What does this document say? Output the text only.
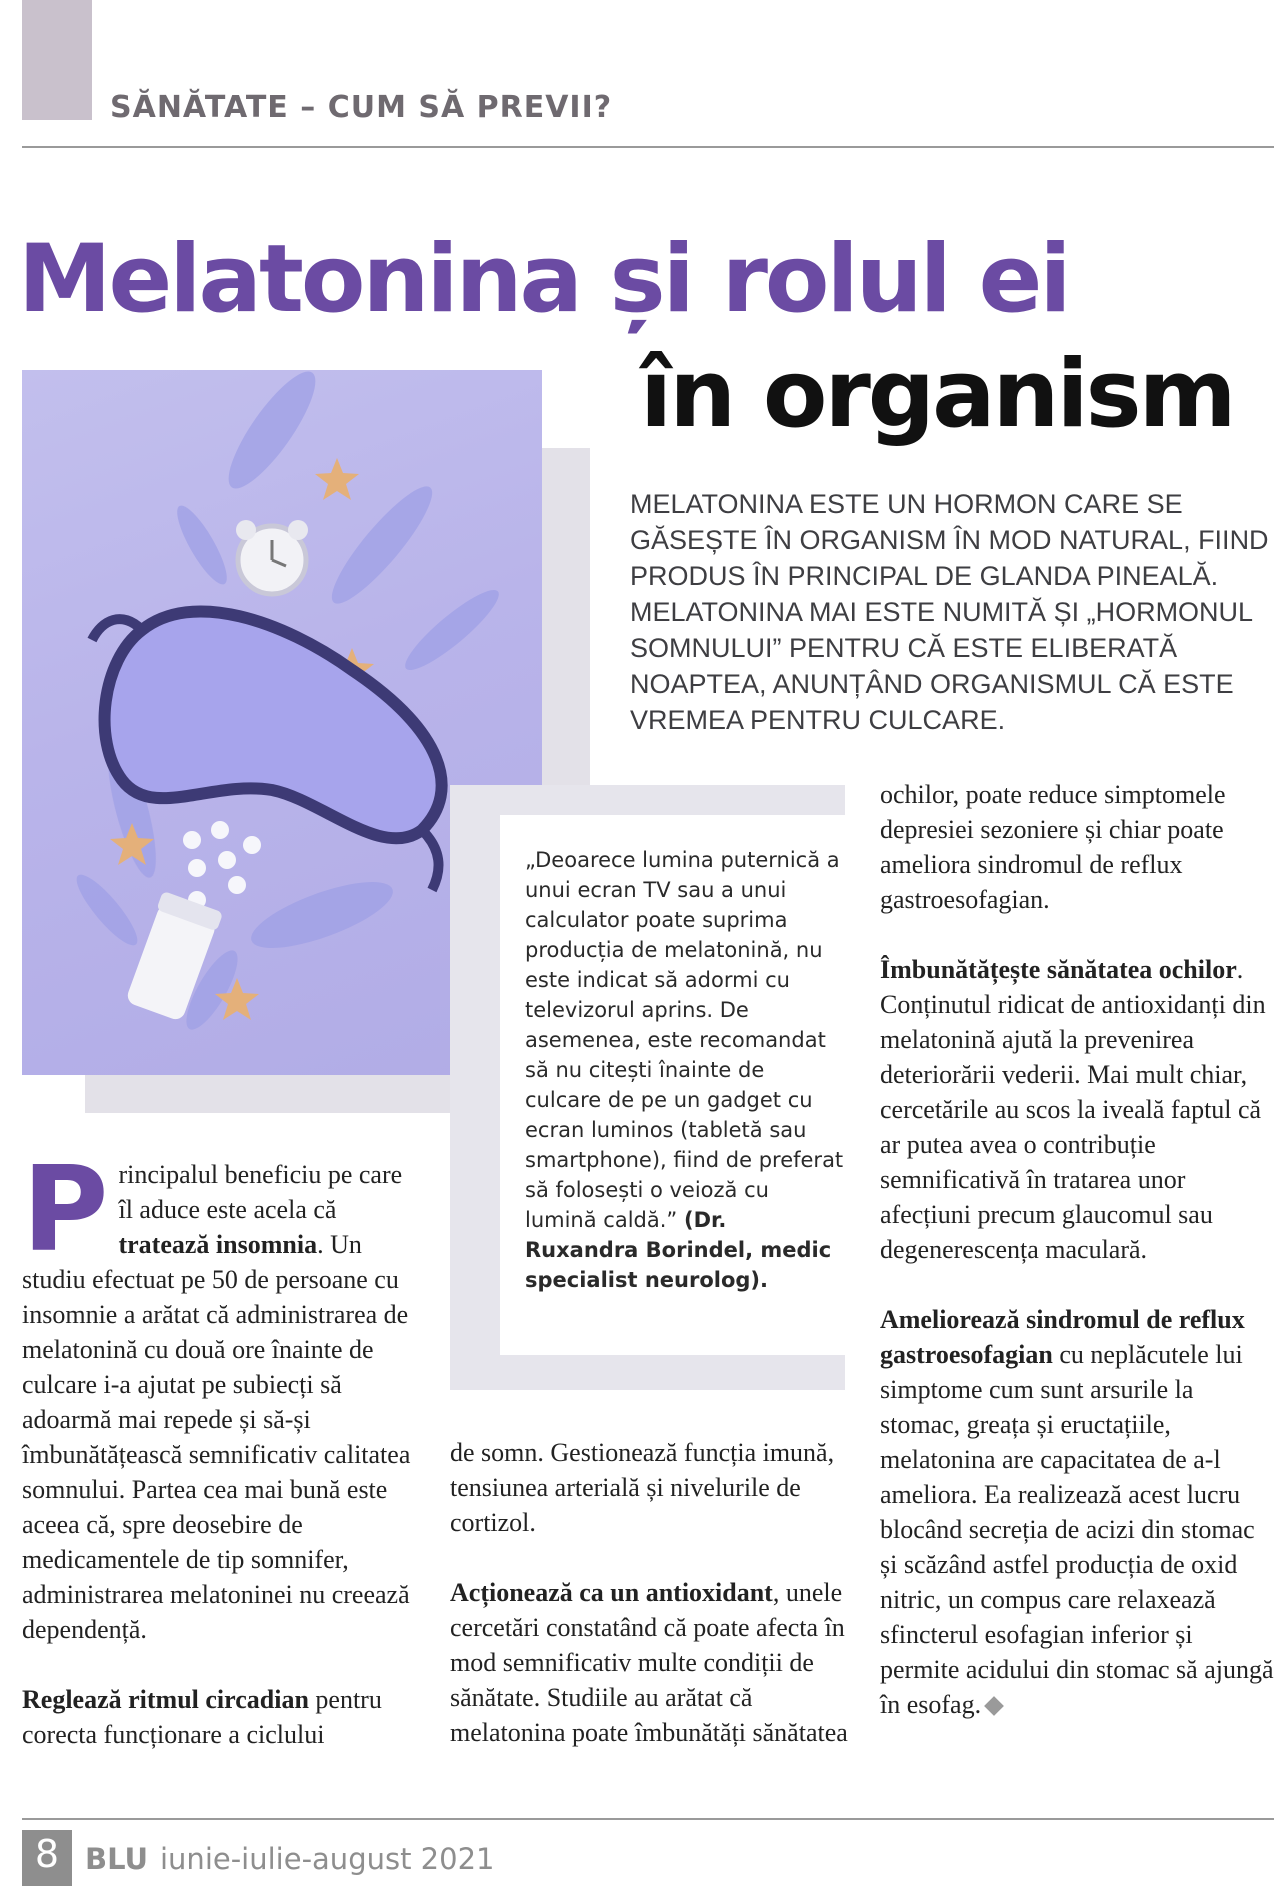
SĂNĂTATE – CUM SĂ PREVII?
Melatonina și rolul ei
în organism
MELATONINA ESTE UN HORMON CARE SE GĂSEȘTE ÎN ORGANISM ÎN MOD NATURAL, FIIND PRODUS ÎN PRINCIPAL DE GLANDA PINEALĂ. MELATONINA MAI ESTE NUMITĂ ȘI „HORMONUL SOMNULUI” PENTRU CĂ ESTE ELIBERATĂ NOAPTEA, ANUNȚÂND ORGANISMUL CĂ ESTE VREMEA PENTRU CULCARE.
„Deoarece lumina puternică a unui ecran TV sau a unui calculator poate suprima producția de melatonină, nu este indicat să adormi cu televizorul aprins. De asemenea, este recomandat să nu citești înainte de culcare de pe un gadget cu ecran luminos (tabletă sau smartphone), fiind de preferat să folosești o veioză cu lumină caldă.” (Dr. Ruxandra Borindel, medic specialist neurolog).

Principalul beneficiu pe care îl aduce este acela că tratează insomnia. Un studiu efectuat pe 50 de persoane cu insomnie a arătat că administrarea de melatonină cu două ore înainte de culcare i-a ajutat pe subiecți să adoarmă mai repede și să-și îmbunătățească semnificativ calitatea somnului. Partea cea mai bună este aceea că, spre deosebire de medicamentele de tip somnifer, administrarea melatoninei nu creează dependență.

Reglează ritmul circadian pentru corecta funcționare a ciclului

de somn. Gestionează funcția imună, tensiunea arterială și nivelurile de cortizol.

Acționează ca un antioxidant, unele cercetări constatând că poate afecta în mod semnificativ multe condiții de sănătate. Studiile au arătat că melatonina poate îmbunătăți sănătatea

ochilor, poate reduce simptomele depresiei sezoniere și chiar poate ameliora sindromul de reflux gastroesofagian.

Îmbunătățește sănătatea ochilor. Conținutul ridicat de antioxidanți din melatonină ajută la prevenirea deteriorării vederii. Mai mult chiar, cercetările au scos la iveală faptul că ar putea avea o contribuție semnificativă în tratarea unor afecțiuni precum glaucomul sau degenerescența maculară.

Ameliorează sindromul de reflux gastroesofagian cu neplăcutele lui simptome cum sunt arsurile la stomac, greața și eructațiile, melatonina are capacitatea de a-l ameliora. Ea realizează acest lucru blocând secreția de acizi din stomac și scăzând astfel producția de oxid nitric, un compus care relaxează sfincterul esofagian inferior și permite acidului din stomac să ajungă în esofag.

8 BLU iunie-iulie-august 2021
